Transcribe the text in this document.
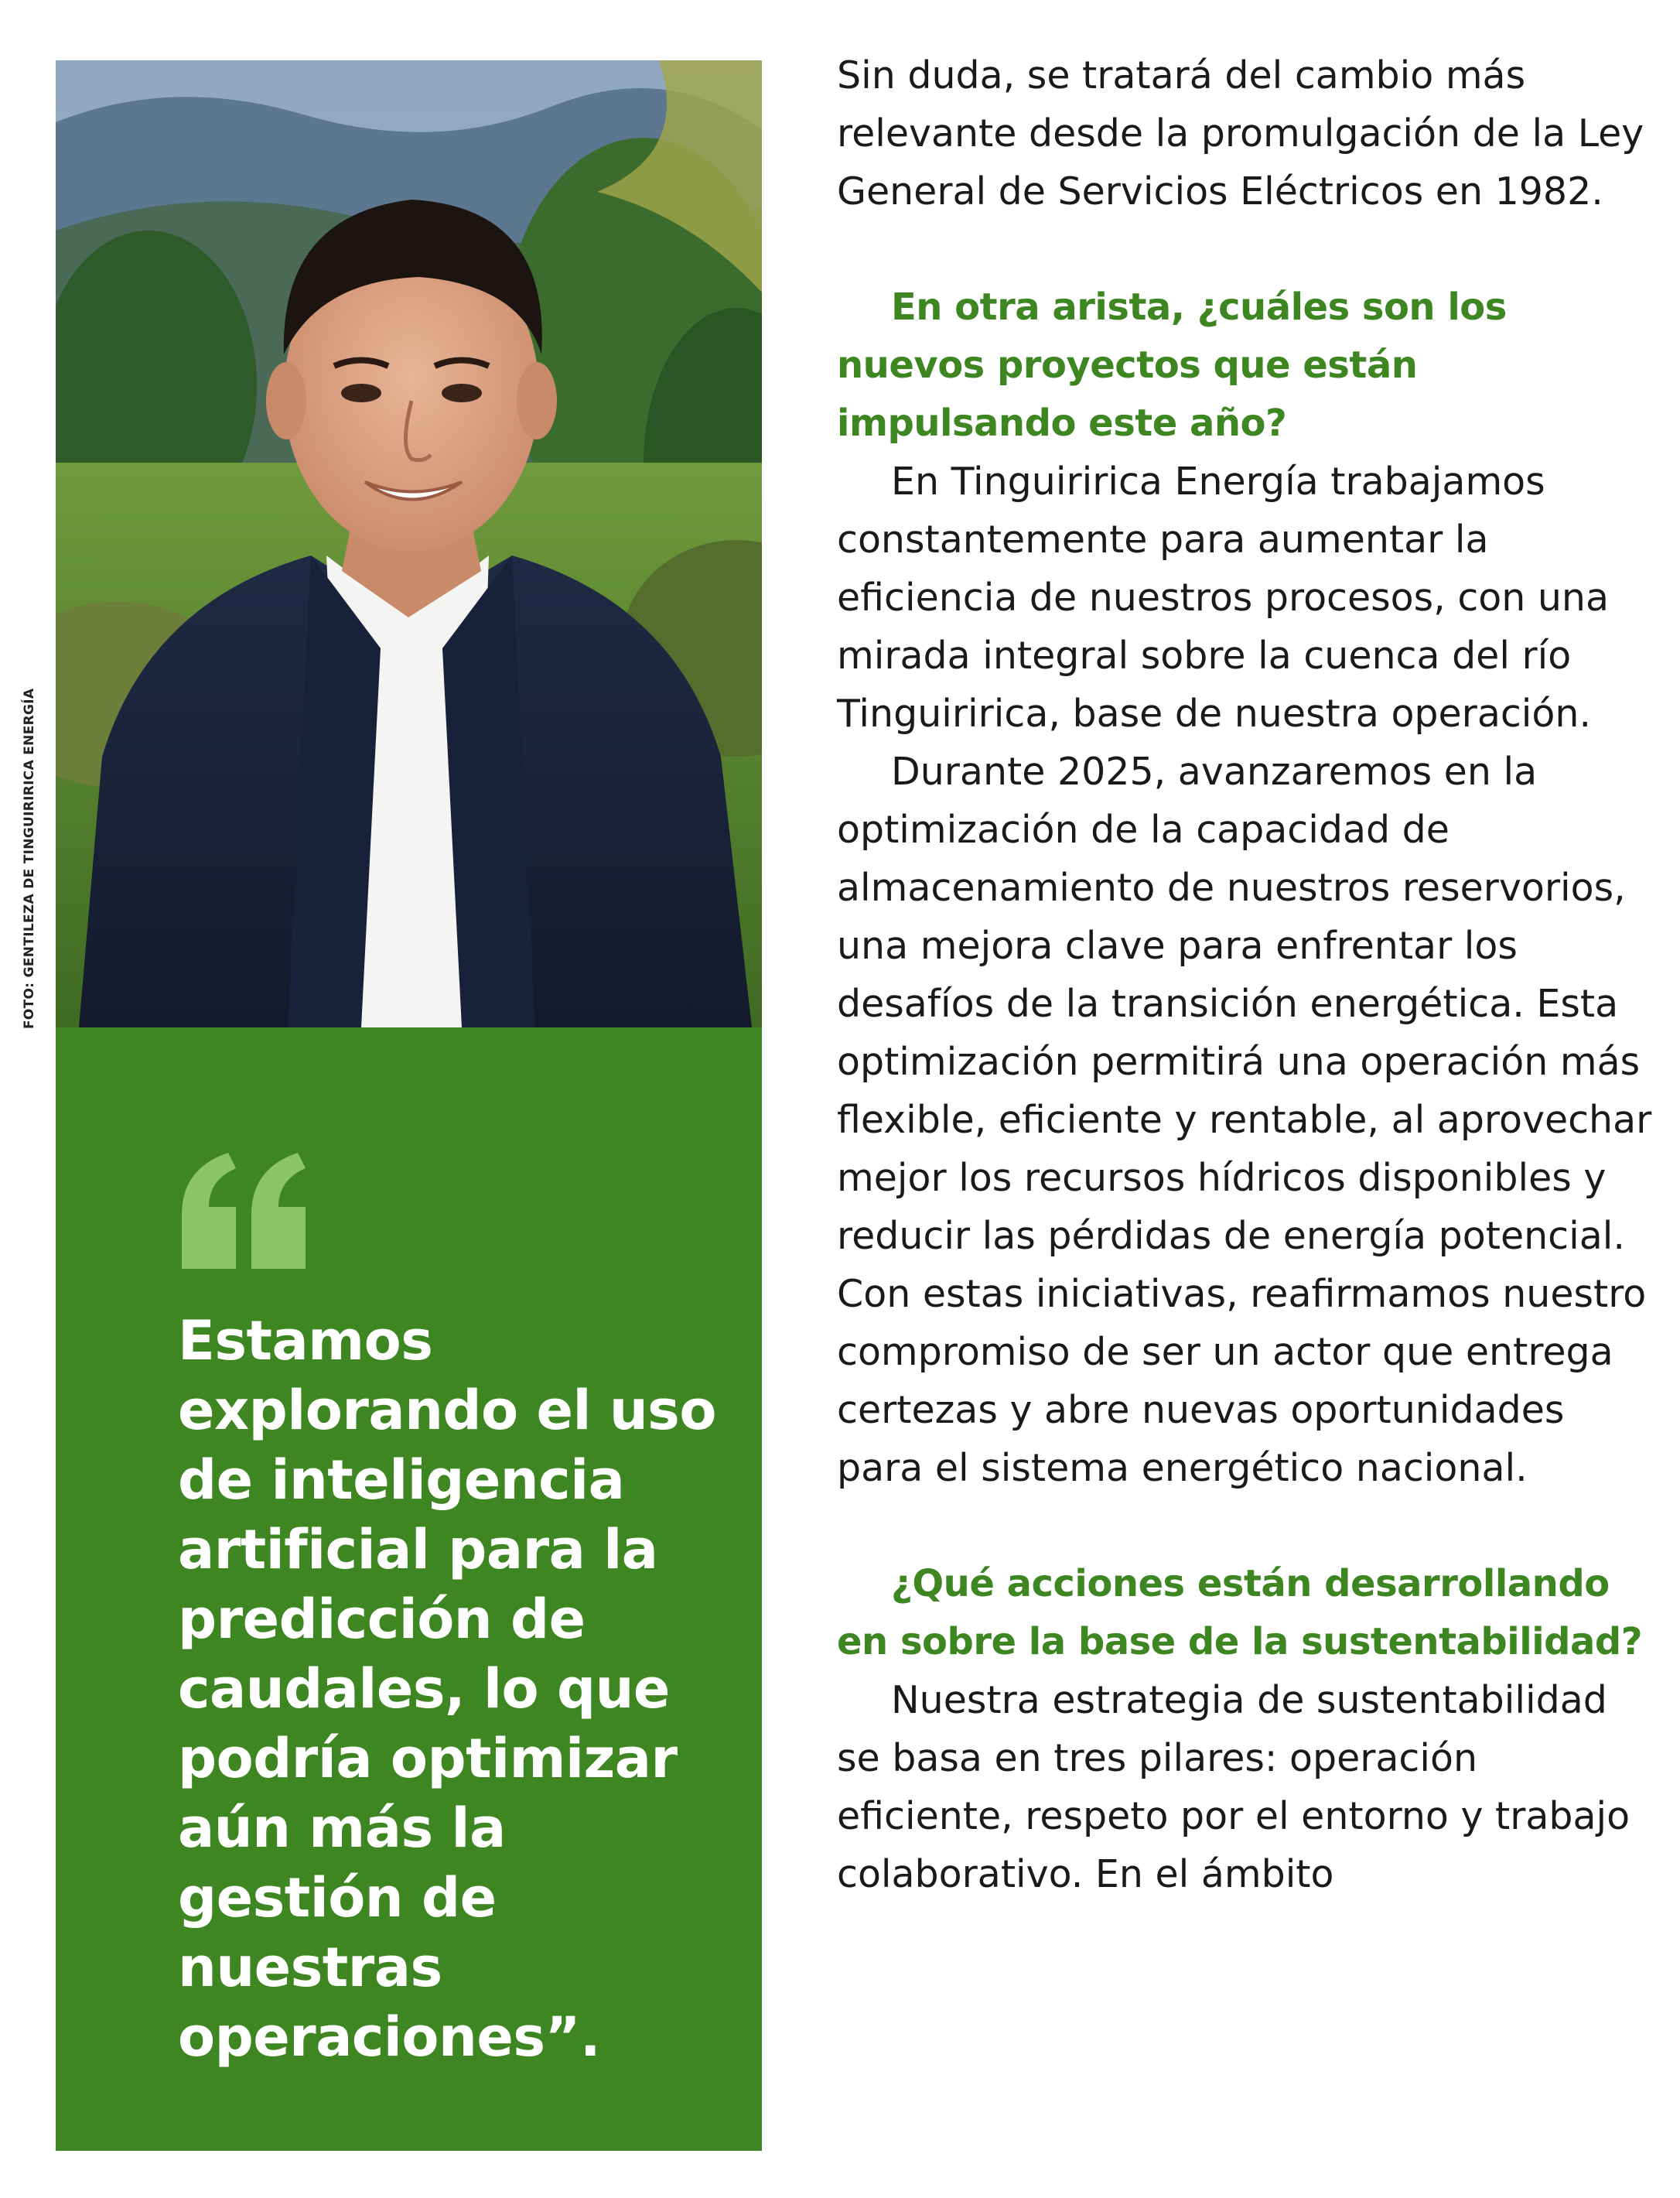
FOTO: GENTILEZA DE TINGUIRIRICA ENERGÍA
Estamos explorando el uso de inteligencia artificial para la predicción de caudales, lo que podría optimizar aún más la gestión de nuestras operaciones”.

Sin duda, se tratará del cambio más relevante desde la promulgación de la Ley General de Servicios Eléctricos en 1982.

En otra arista, ¿cuáles son los nuevos proyectos que están impulsando este año?

En Tinguiririca Energía trabajamos constantemente para aumentar la eficiencia de nuestros procesos, con una mirada integral sobre la cuenca del río Tinguiririca, base de nuestra operación.

Durante 2025, avanzaremos en la optimización de la capacidad de almacenamiento de nuestros reservorios, una mejora clave para enfrentar los desafíos de la transición energética. Esta optimización permitirá una operación más flexible, eficiente y rentable, al aprovechar mejor los recursos hídricos disponibles y reducir las pérdidas de energía potencial. Con estas iniciativas, reafirmamos nuestro compromiso de ser un actor que entrega certezas y abre nuevas oportunidades para el sistema energético nacional.

¿Qué acciones están desarrollando en sobre la base de la sustentabilidad?

Nuestra estrategia de sustentabilidad se basa en tres pilares: operación eficiente, respeto por el entorno y trabajo colaborativo. En el ámbito
